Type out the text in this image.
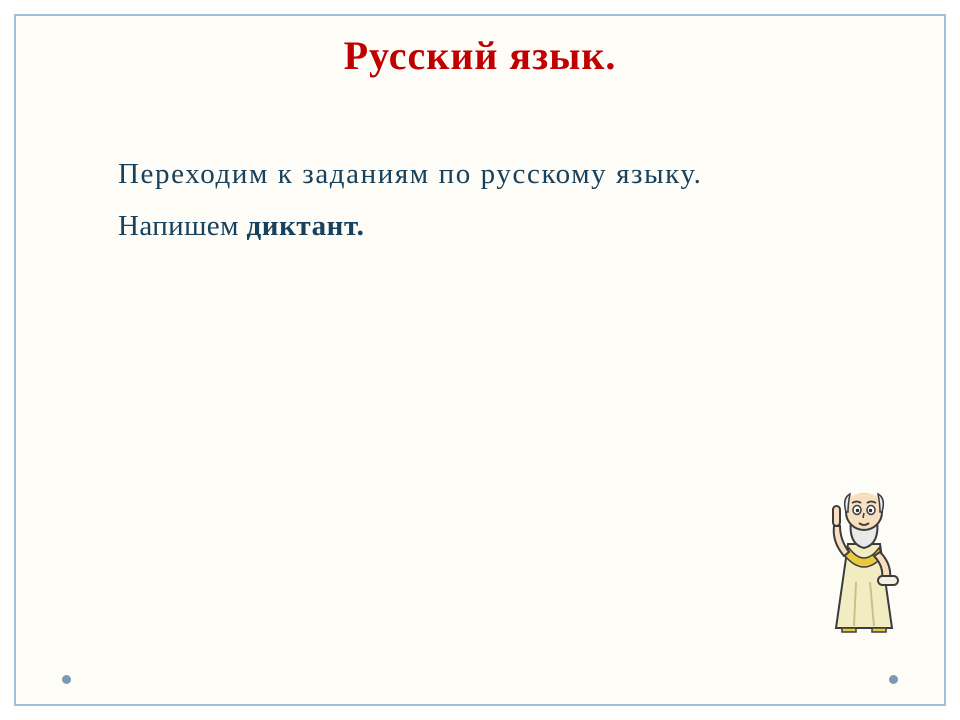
Русский язык.
Переходим к заданиям по русскому языку.
Напишем диктант.
